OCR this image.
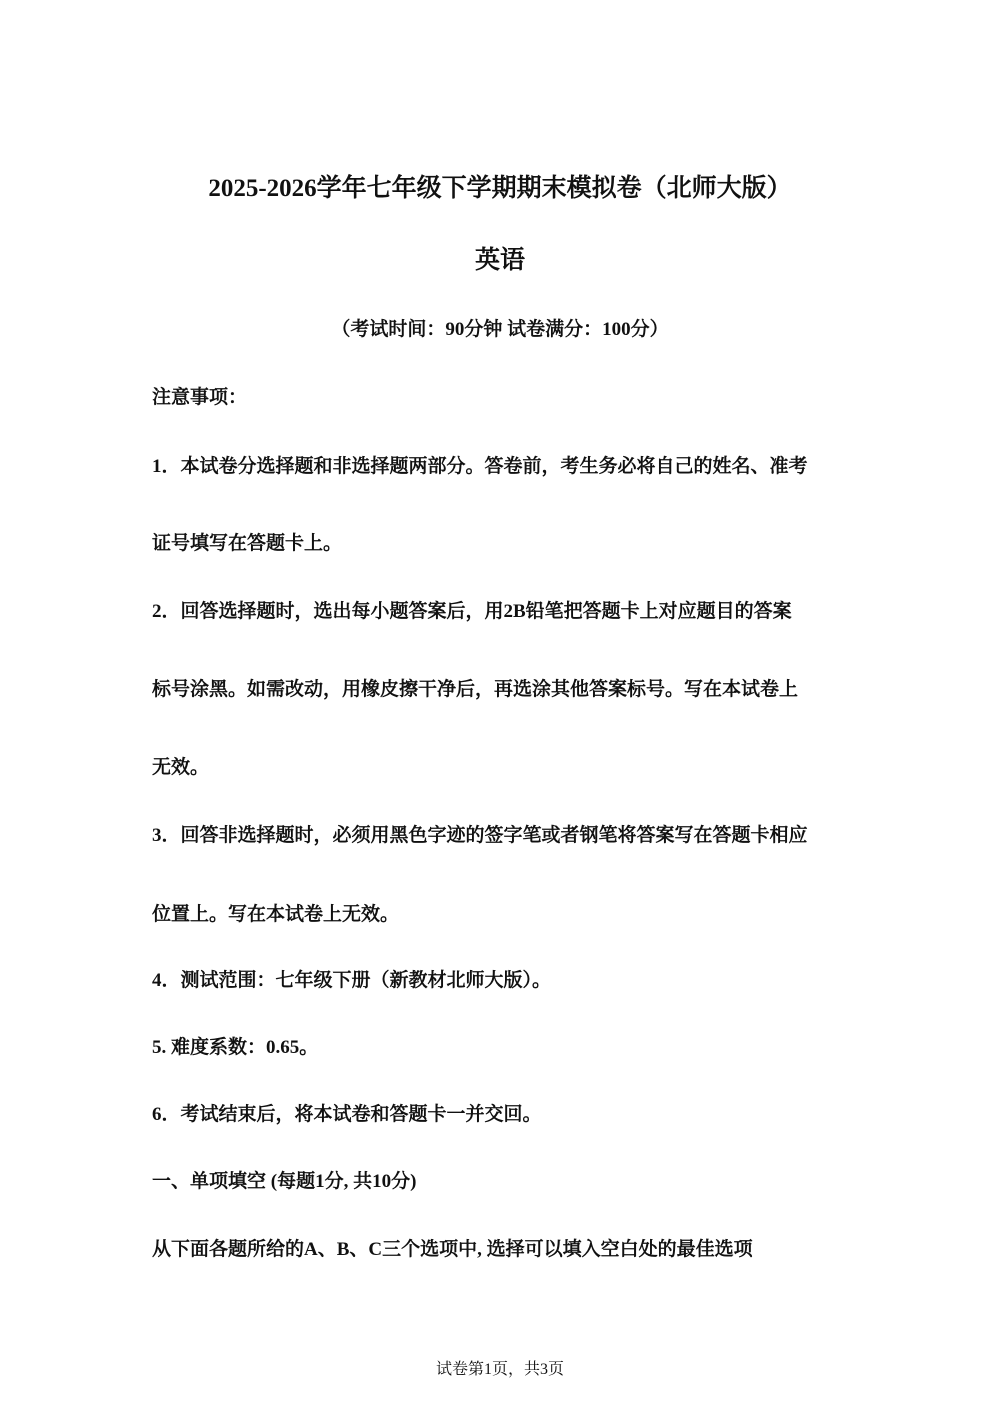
2025-2026学年七年级下学期期末模拟卷（北师大版）
英语
（考试时间：90分钟 试卷满分：100分）
注意事项：
1．本试卷分选择题和非选择题两部分。答卷前，考生务必将自己的姓名、准考
证号填写在答题卡上。
2．回答选择题时，选出每小题答案后，用2B铅笔把答题卡上对应题目的答案
标号涂黑。如需改动，用橡皮擦干净后，再选涂其他答案标号。写在本试卷上
无效。
3．回答非选择题时，必须用黑色字迹的签字笔或者钢笔将答案写在答题卡相应
位置上。写在本试卷上无效。
4．测试范围：七年级下册（新教材北师大版）。
5. 难度系数：0.65。
6．考试结束后，将本试卷和答题卡一并交回。
一、单项填空 (每题1分, 共10分)
从下面各题所给的A、B、C三个选项中, 选择可以填入空白处的最佳选项
试卷第1页，共3页
